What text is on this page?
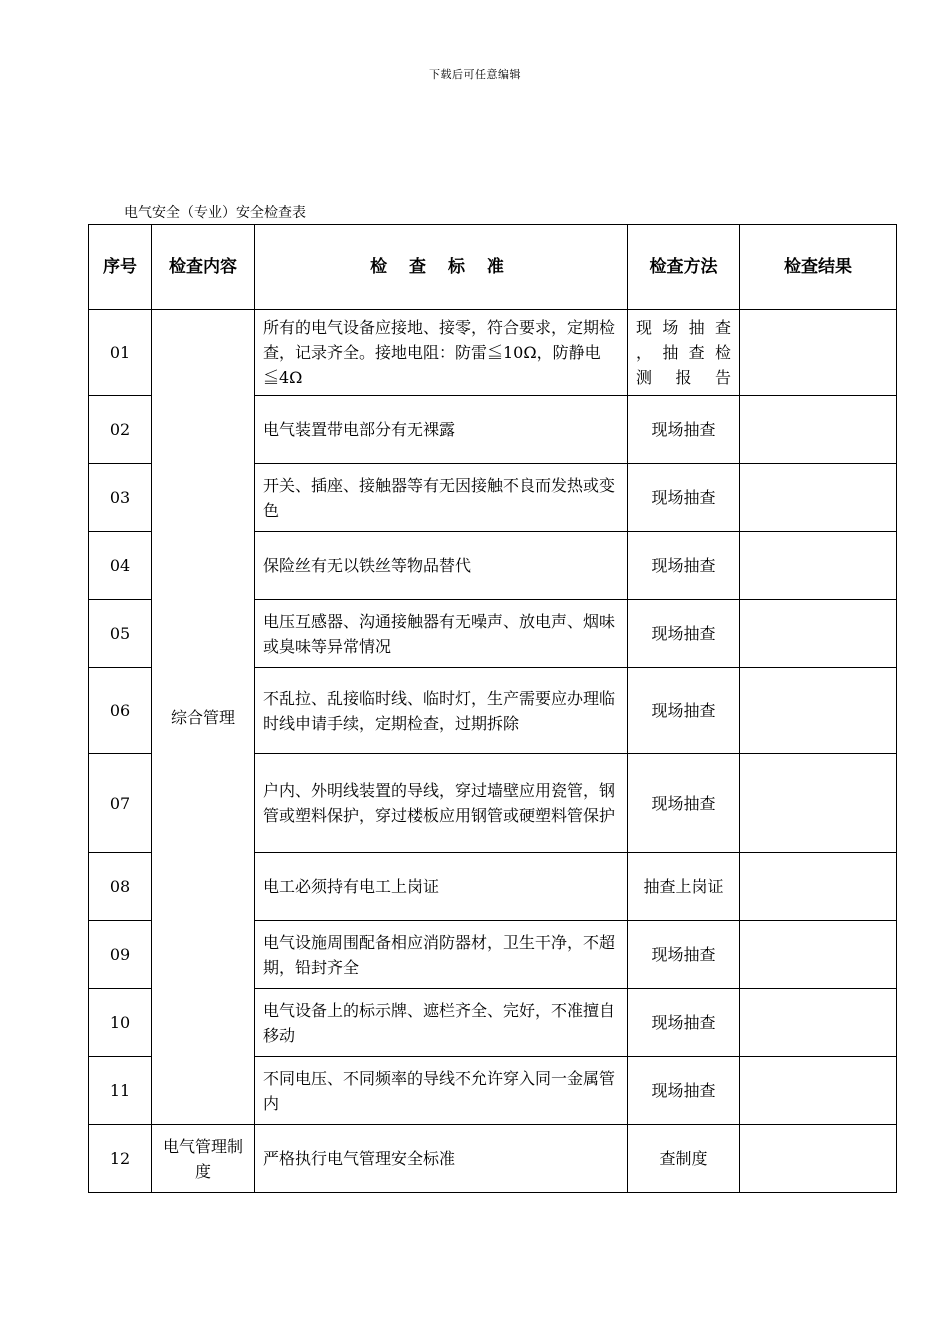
下载后可任意编辑
电气安全（专业）安全检查表
序号	检查内容	检 查 标 准	检查方法	检查结果
01	综合管理	所有的电气设备应接地、接零，符合要求，定期检查，记录齐全。接地电阻：防雷≦10Ω，防静电≦4Ω	现 场 抽 查 ， 抽 查 检测报告	
02		电气装置带电部分有无裸露	现场抽查	
03		开关、插座、接触器等有无因接触不良而发热或变色	现场抽查	
04		保险丝有无以铁丝等物品替代	现场抽查	
05		电压互感器、沟通接触器有无噪声、放电声、烟味或臭味等异常情况	现场抽查	
06		不乱拉、乱接临时线、临时灯，生产需要应办理临时线申请手续，定期检查，过期拆除	现场抽查	
07		户内、外明线装置的导线，穿过墙壁应用瓷管，钢管或塑料保护，穿过楼板应用钢管或硬塑料管保护	现场抽查	
08		电工必须持有电工上岗证	抽查上岗证	
09		电气设施周围配备相应消防器材，卫生干净，不超期，铅封齐全	现场抽查	
10		电气设备上的标示牌、遮栏齐全、完好，不准擅自移动	现场抽查	
11		不同电压、不同频率的导线不允许穿入同一金属管内	现场抽查	
12	电气管理制度	严格执行电气管理安全标准	查制度	
